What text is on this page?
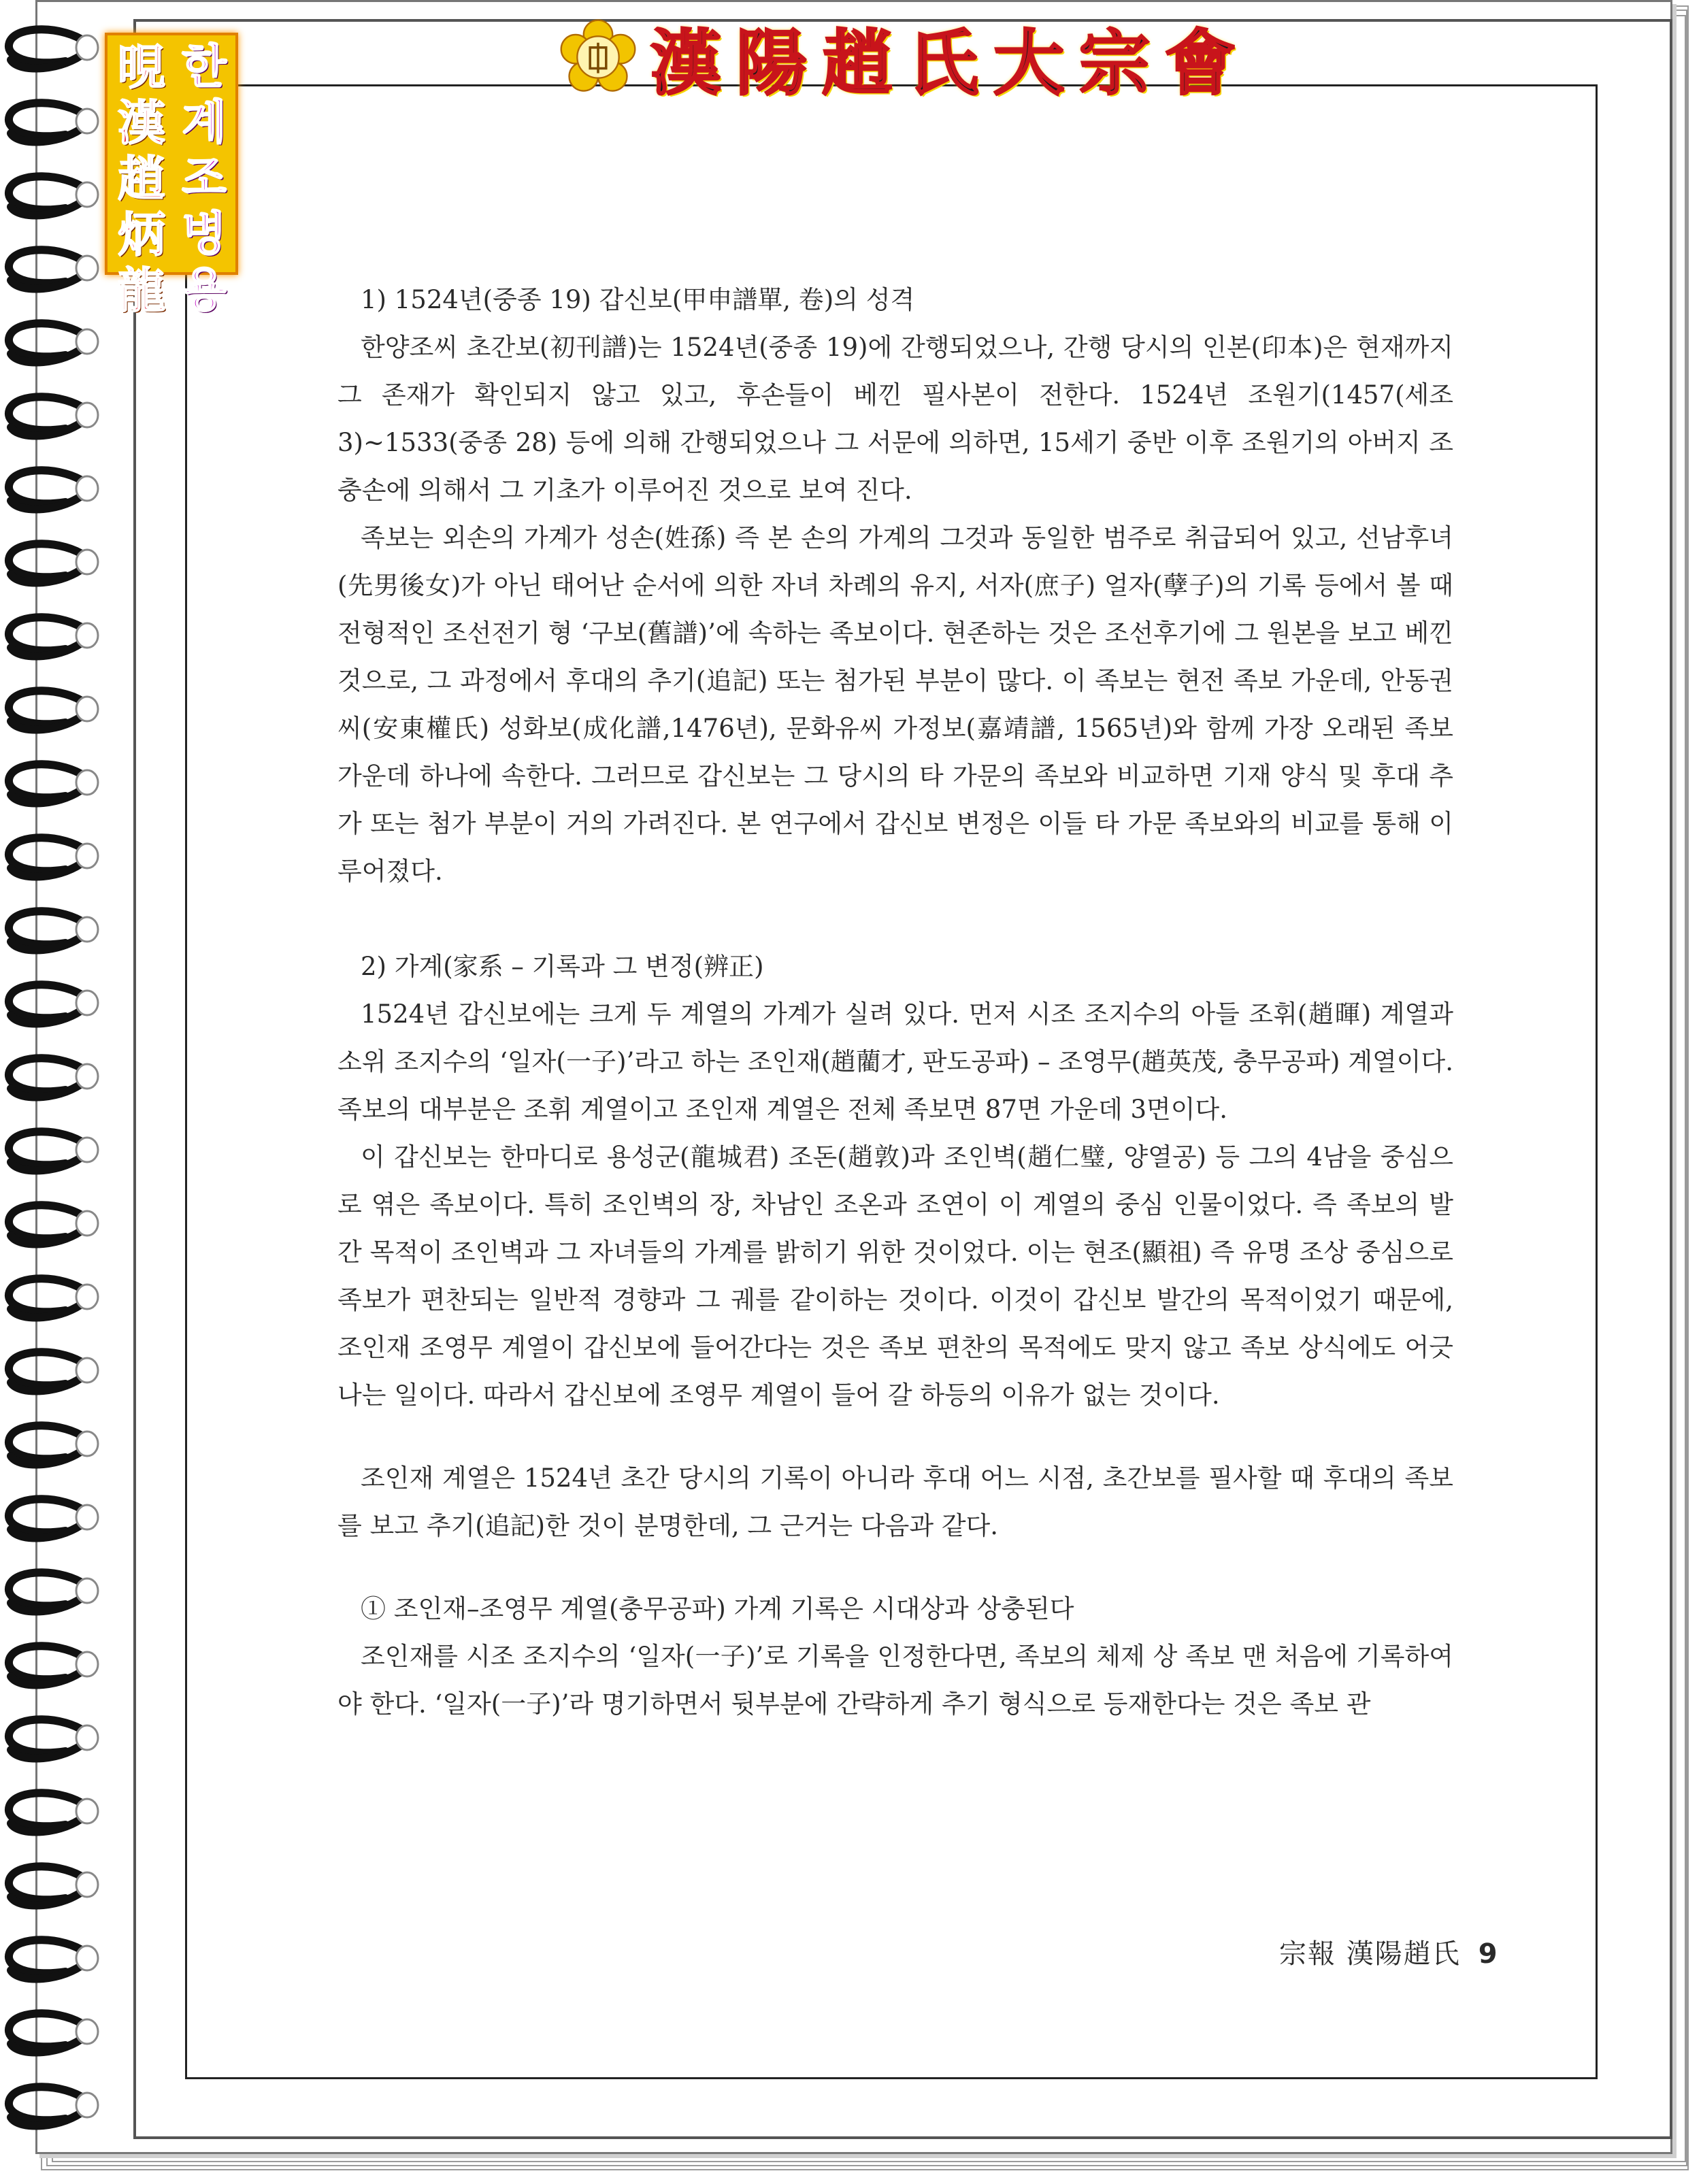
漢陽趙氏大宗會
晛
漢
趙
炳
龍
한
계
조
병
용	1) 1524년(중종 19) 갑신보(甲申譜單, 卷)의 성격

한양조씨 초간보(初刊譜)는 1524년(중종 19)에 간행되었으나, 간행 당시의 인본(印本)은 현재까지 그 존재가 확인되지 않고 있고, 후손들이 베낀 필사본이 전한다. 1524년 조원기(1457(세조 3)~1533(중종 28) 등에 의해 간행되었으나 그 서문에 의하면, 15세기 중반 이후 조원기의 아버지 조충손에 의해서 그 기초가 이루어진 것으로 보여 진다.

족보는 외손의 가계가 성손(姓孫) 즉 본 손의 가계의 그것과 동일한 범주로 취급되어 있고, 선남후녀(先男後女)가 아닌 태어난 순서에 의한 자녀 차례의 유지, 서자(庶子) 얼자(孽子)의 기록 등에서 볼 때 전형적인 조선전기 형 ‘구보(舊譜)’에 속하는 족보이다. 현존하는 것은 조선후기에 그 원본을 보고 베낀 것으로, 그 과정에서 후대의 추기(追記) 또는 첨가된 부분이 많다. 이 족보는 현전 족보 가운데, 안동권씨(安東權氏) 성화보(成化譜,1476년), 문화유씨 가정보(嘉靖譜, 1565년)와 함께 가장 오래된 족보 가운데 하나에 속한다. 그러므로 갑신보는 그 당시의 타 가문의 족보와 비교하면 기재 양식 및 후대 추가 또는 첨가 부분이 거의 가려진다. 본 연구에서 갑신보 변정은 이들 타 가문 족보와의 비교를 통해 이루어졌다.

2) 가계(家系 – 기록과 그 변정(辨正)

1524년 갑신보에는 크게 두 계열의 가계가 실려 있다. 먼저 시조 조지수의 아들 조휘(趙暉) 계열과 소위 조지수의 ‘일자(一子)’라고 하는 조인재(趙藺才, 판도공파) – 조영무(趙英茂, 충무공파) 계열이다. 족보의 대부분은 조휘 계열이고 조인재 계열은 전체 족보면 87면 가운데 3면이다.

이 갑신보는 한마디로 용성군(龍城君) 조돈(趙敦)과 조인벽(趙仁璧, 양열공) 등 그의 4남을 중심으로 엮은 족보이다. 특히 조인벽의 장, 차남인 조온과 조연이 이 계열의 중심 인물이었다. 즉 족보의 발간 목적이 조인벽과 그 자녀들의 가계를 밝히기 위한 것이었다. 이는 현조(顯祖) 즉 유명 조상 중심으로 족보가 편찬되는 일반적 경향과 그 궤를 같이하는 것이다. 이것이 갑신보 발간의 목적이었기 때문에, 조인재 조영무 계열이 갑신보에 들어간다는 것은 족보 편찬의 목적에도 맞지 않고 족보 상식에도 어긋나는 일이다. 따라서 갑신보에 조영무 계열이 들어 갈 하등의 이유가 없는 것이다.

조인재 계열은 1524년 초간 당시의 기록이 아니라 후대 어느 시점, 초간보를 필사할 때 후대의 족보를 보고 추기(追記)한 것이 분명한데, 그 근거는 다음과 같다.

① 조인재–조영무 계열(충무공파) 가계 기록은 시대상과 상충된다

조인재를 시조 조지수의 ‘일자(一子)’로 기록을 인정한다면, 족보의 체제 상 족보 맨 처음에 기록하여야 한다. ‘일자(一子)’라 명기하면서 뒷부분에 간략하게 추기 형식으로 등재한다는 것은 족보 관

宗報 漢陽趙氏 9
